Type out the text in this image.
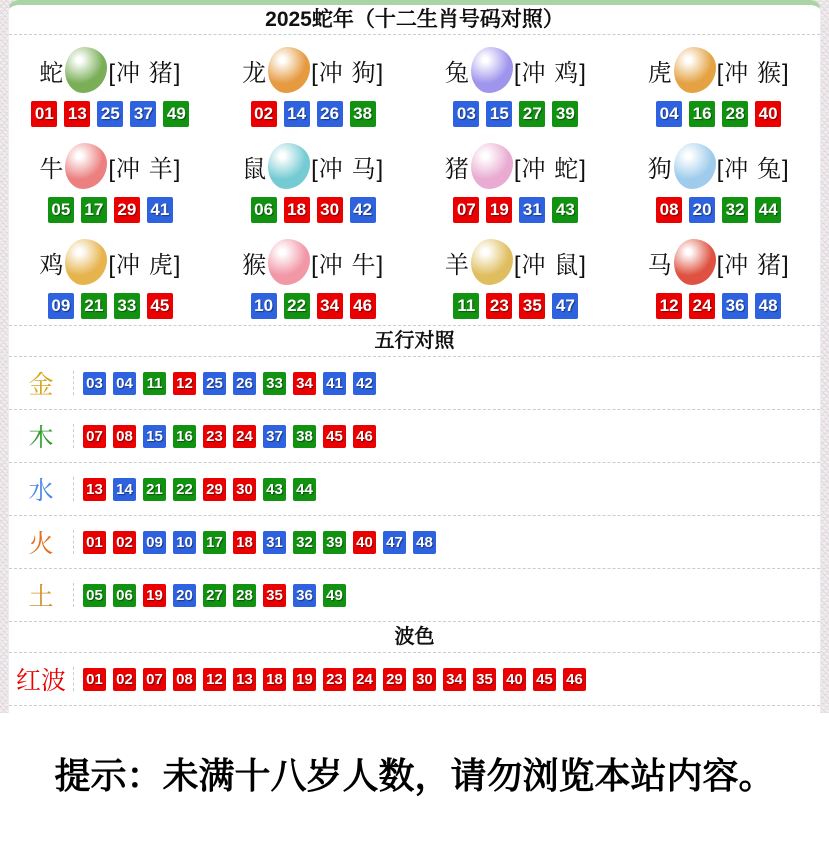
2025蛇年（十二生肖号码对照）
蛇 [冲 猪]
01 13 25 37 49
龙 [冲 狗]
02 14 26 38
兔 [冲 鸡]
03 15 27 39
虎 [冲 猴]
04 16 28 40
牛 [冲 羊]
05 17 29 41
鼠 [冲 马]
06 18 30 42
猪 [冲 蛇]
07 19 31 43
狗 [冲 兔]
08 20 32 44
鸡 [冲 虎]
09 21 33 45
猴 [冲 牛]
10 22 34 46
羊 [冲 鼠]
11 23 35 47
马 [冲 猪]
12 24 36 48
五行对照
金	03 04 11 12 25 26 33 34 41 42
木	07 08 15 16 23 24 37 38 45 46
水	13 14 21 22 29 30 43 44
火	01 02 09 10 17 18 31 32 39 40 47 48
土	05 06 19 20 27 28 35 36 49
波色
红波	01 02 07 08 12 13 18 19 23 24 29 30 34 35 40 45 46
提示：未满十八岁人数，请勿浏览本站内容。
